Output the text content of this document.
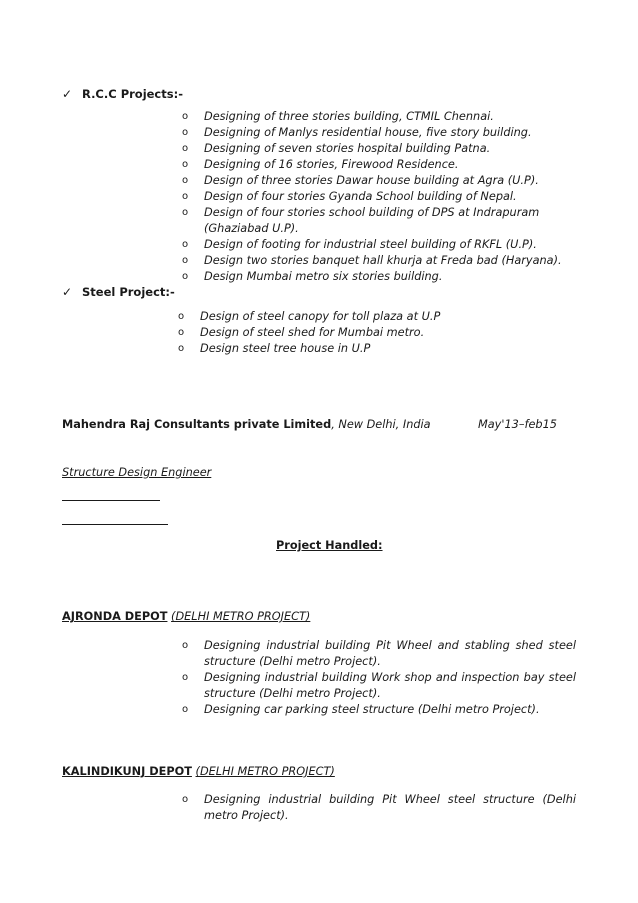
✓ R.C.C Projects:-
o Designing of three stories building, CTMIL Chennai.
o Designing of Manlys residential house, five story building.
o Designing of seven stories hospital building Patna.
o Designing of 16 stories, Firewood Residence.
o Design of three stories Dawar house building at Agra (U.P).
o Design of four stories Gyanda School building of Nepal.
o Design of four stories school building of DPS at Indrapuram (Ghaziabad U.P).
o Design of footing for industrial steel building of RKFL (U.P).
o Design two stories banquet hall khurja at Freda bad (Haryana).
o Design Mumbai metro six stories building.
✓ Steel Project:-
o Design of steel canopy for toll plaza at U.P
o Design of steel shed for Mumbai metro.
o Design steel tree house in U.P
Mahendra Raj Consultants private Limited, New Delhi, India	May'13–feb15
Structure Design Engineer
Project Handled:
AJRONDA DEPOT (DELHI METRO PROJECT)
o Designing industrial building Pit Wheel and stabling shed steel structure (Delhi metro Project).
o Designing industrial building Work shop and inspection bay steel structure (Delhi metro Project).
o Designing car parking steel structure (Delhi metro Project).
KALINDIKUNJ DEPOT (DELHI METRO PROJECT)
o Designing industrial building Pit Wheel steel structure (Delhi metro Project).
